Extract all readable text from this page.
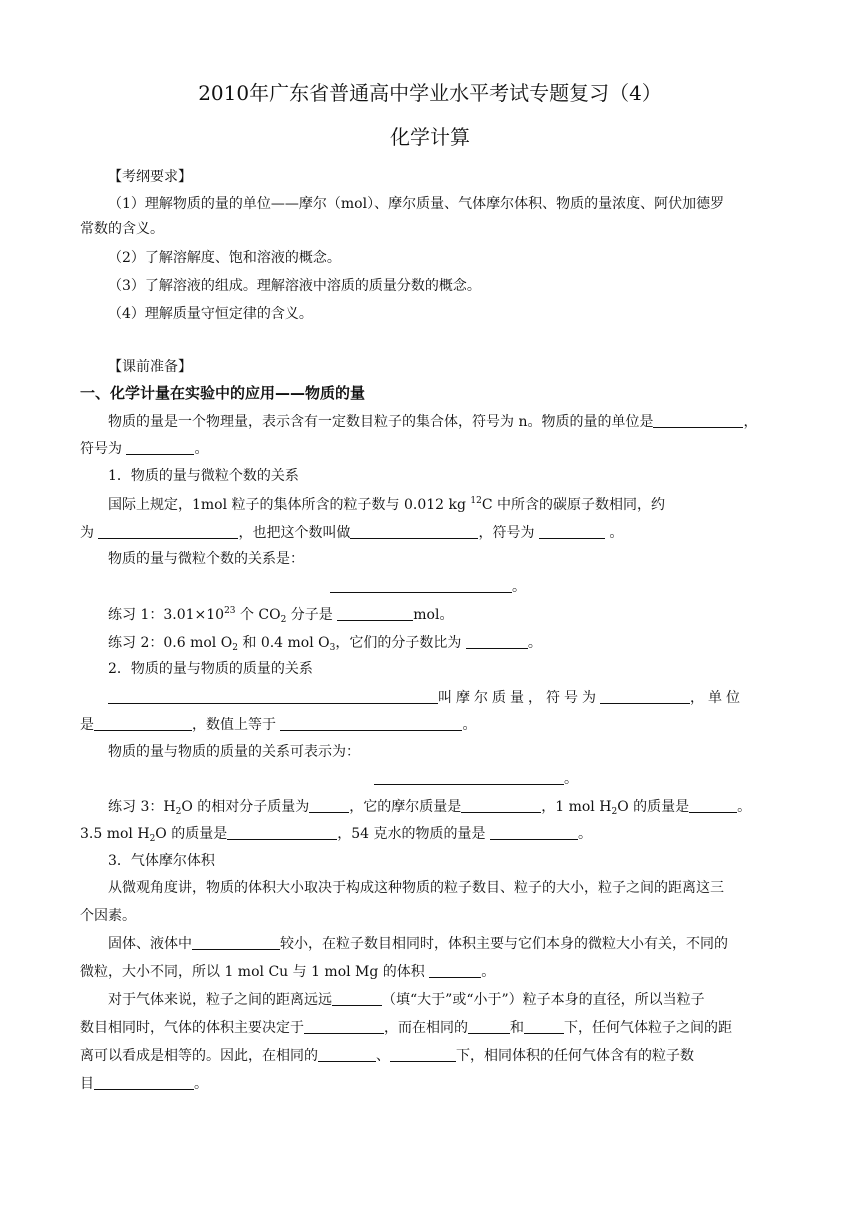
2010年广东省普通高中学业水平考试专题复习（4）
化学计算
【考纲要求】
（1）理解物质的量的单位——摩尔（mol）、摩尔质量、气体摩尔体积、物质的量浓度、阿伏加德罗
常数的含义。
（2）了解溶解度、饱和溶液的概念。
（3）了解溶液的组成。理解溶液中溶质的质量分数的概念。
（4）理解质量守恒定律的含义。
【课前准备】
一、化学计量在实验中的应用——物质的量
物质的量是一个物理量，表示含有一定数目粒子的集合体，符号为 n。物质的量的单位是	，
符号为	。
1．物质的量与微粒个数的关系
国际上规定，1mol 粒子的集体所含的粒子数与 0.012 kg $^{12}$C 中所含的碳原子数相同，约
为	，也把这个数叫做	，符号为	。
物质的量与微粒个数的关系是：
。
练习 1：$3.01\times 10^{23}$ 个 $CO_2$ 分子是	mol。
练习 2：0.6 mol $O_2$ 和 0.4 mol $O_3$，它们的分子数比为	。
2．物质的量与物质的质量的关系
叫摩尔质量，符号为	，单位
是	，数值上等于	。
物质的量与物质的质量的关系可表示为：
。
练习 3：$H_2O$ 的相对分子质量为	，它的摩尔质量是	，1 mol $H_2O$ 的质量是	。
3.5 mol $H_2O$ 的质量是	，54 克水的物质的量是	。
3．气体摩尔体积
从微观角度讲，物质的体积大小取决于构成这种物质的粒子数目、粒子的大小，粒子之间的距离这三
个因素。
固体、液体中	较小，在粒子数目相同时，体积主要与它们本身的微粒大小有关，不同的
微粒，大小不同，所以 1 mol Cu 与 1 mol Mg 的体积	。
对于气体来说，粒子之间的距离远远	（填“大于”或“小于”）粒子本身的直径，所以当粒子
数目相同时，气体的体积主要决定于	，而在相同的	和	下，任何气体粒子之间的距
离可以看成是相等的。因此，在相同的	、	下，相同体积的任何气体含有的粒子数
目	。
